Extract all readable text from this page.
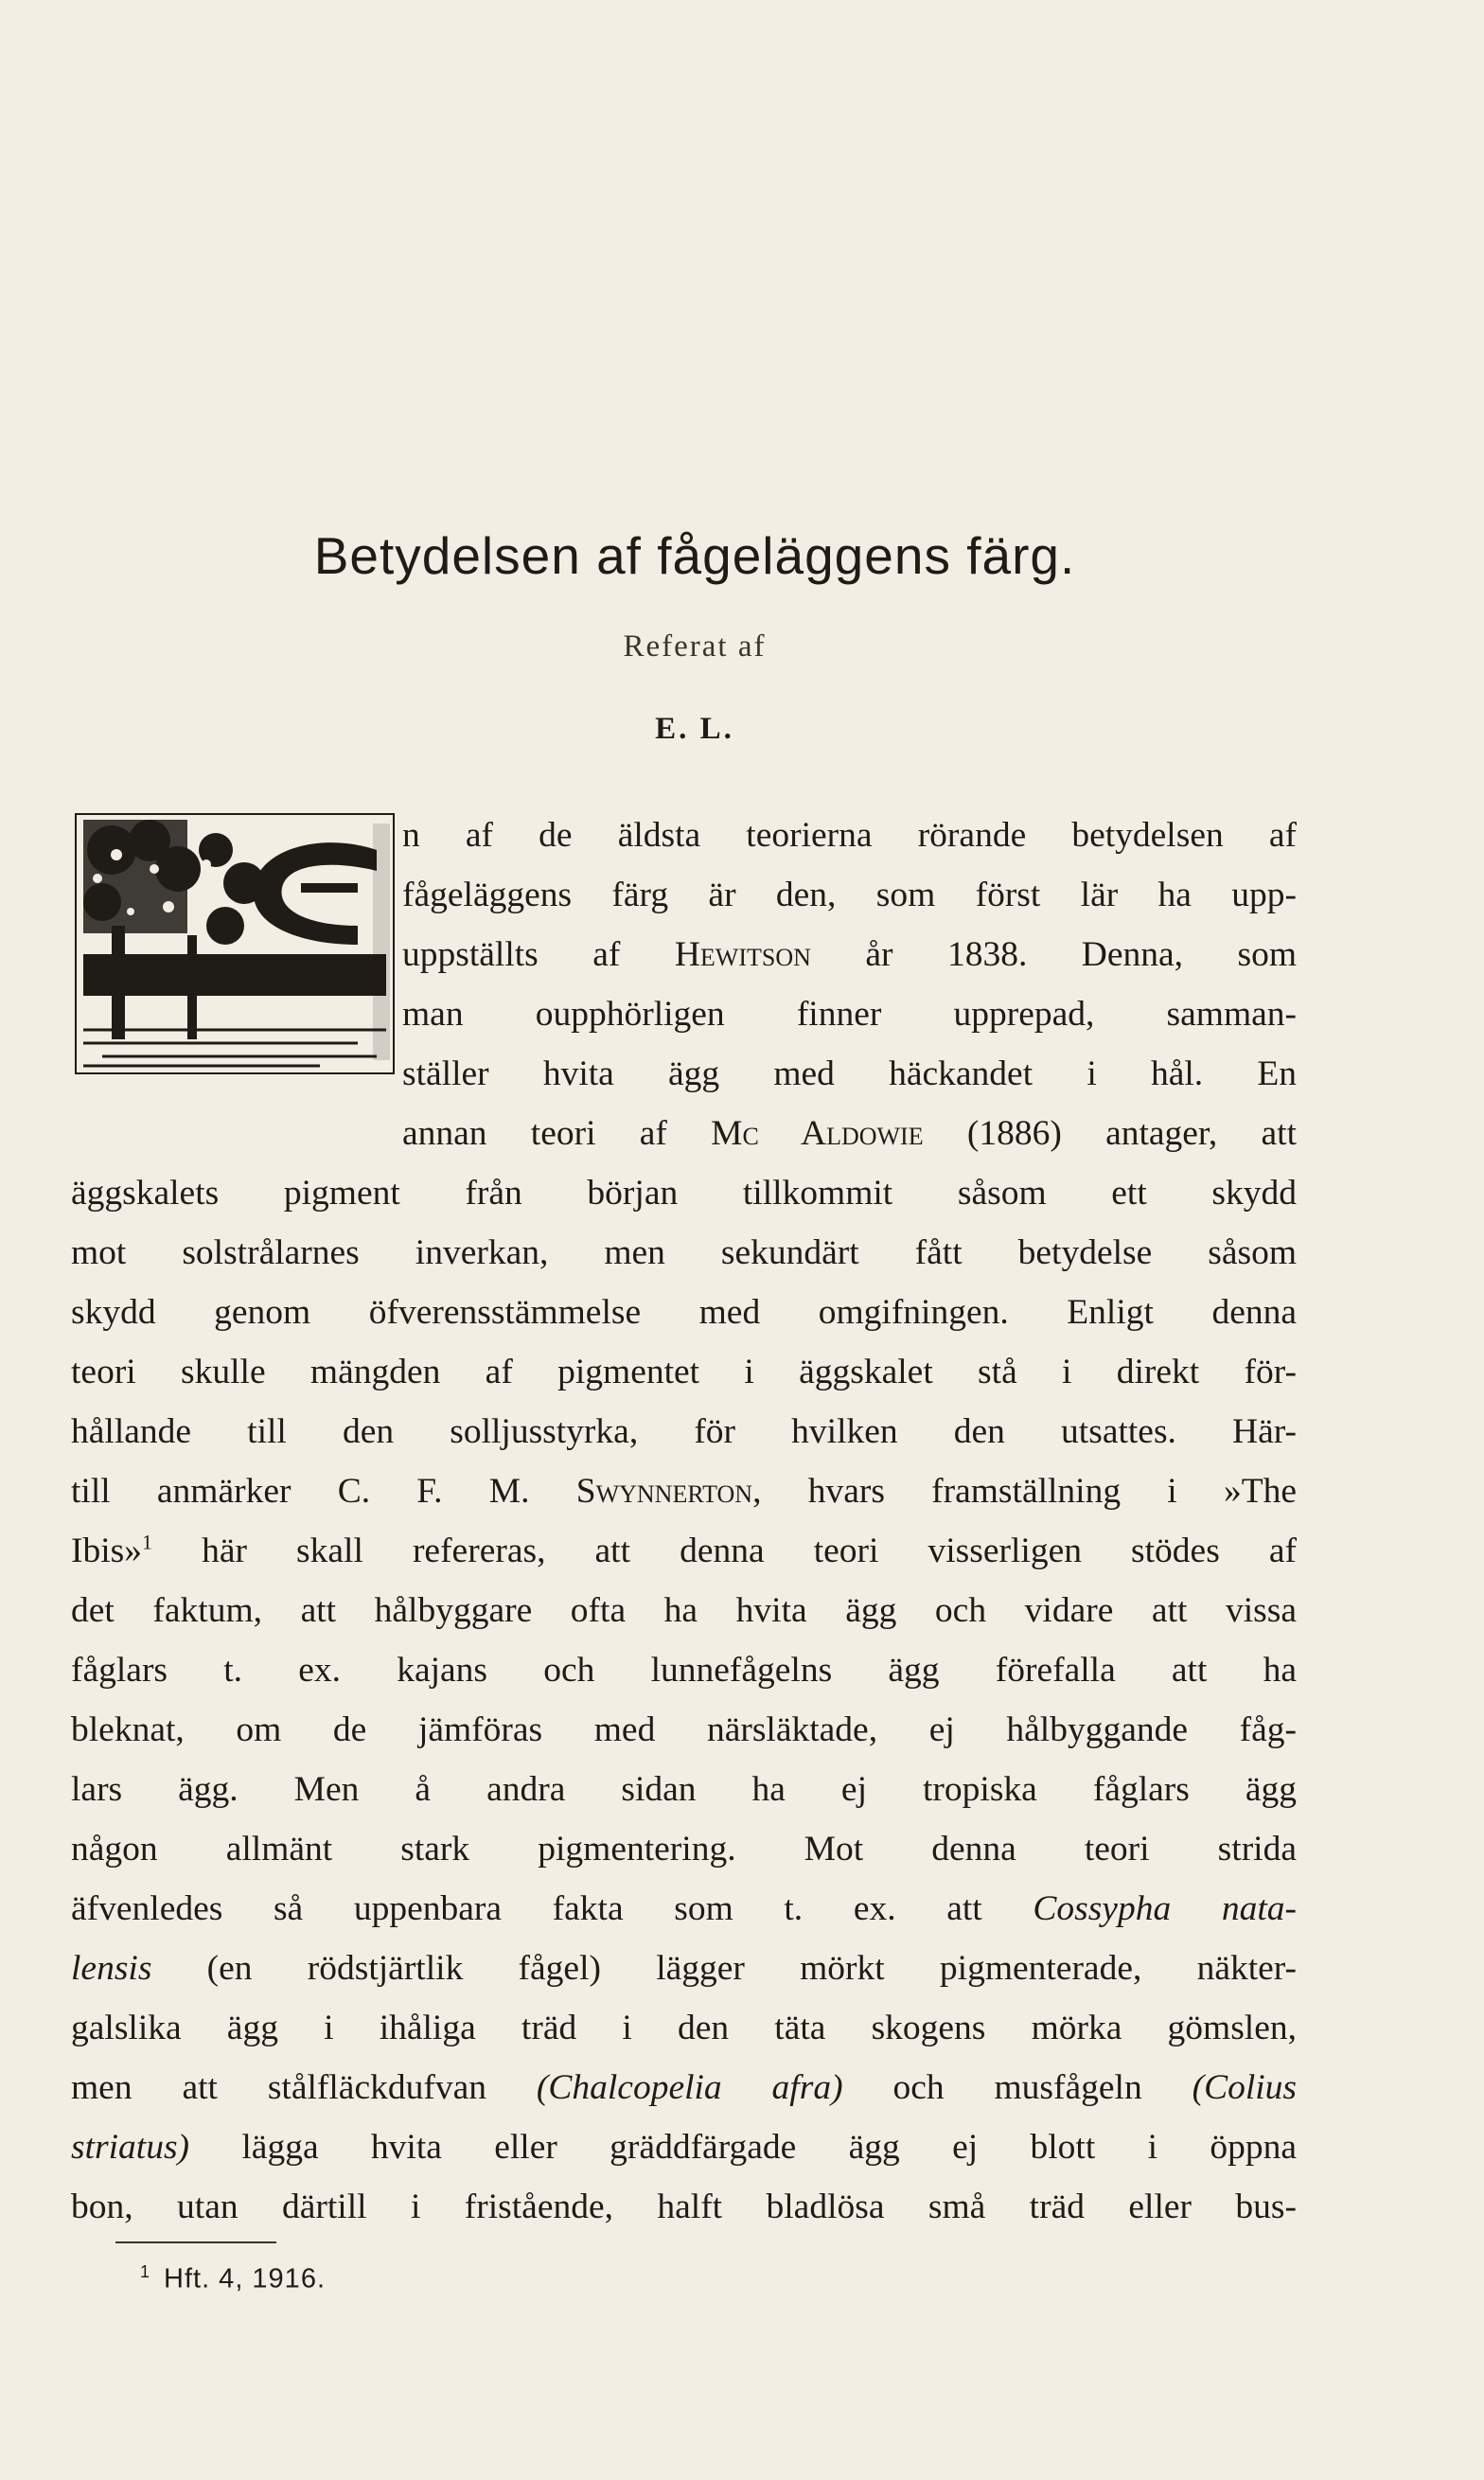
Betydelsen af fågeläggens färg.
Referat af
E. L.
n af de äldsta teorierna rörande betydelsen af
fågeläggens färg är den, som först lär ha upp-
uppställts af Hewitson år 1838. Denna, som
man oupphörligen finner upprepad, samman-
ställer hvita ägg med häckandet i hål. En
annan teori af Mc Aldowie (1886) antager, att
äggskalets pigment från början tillkommit såsom ett skydd
mot solstrålarnes inverkan, men sekundärt fått betydelse såsom
skydd genom öfverensstämmelse med omgifningen. Enligt denna
teori skulle mängden af pigmentet i äggskalet stå i direkt för-
hållande till den solljusstyrka, för hvilken den utsattes. Här-
till anmärker C. F. M. Swynnerton, hvars framställning i »The
Ibis»$^1$ här skall refereras, att denna teori visserligen stödes af
det faktum, att hålbyggare ofta ha hvita ägg och vidare att vissa
fåglars t. ex. kajans och lunnefågelns ägg förefalla att ha
bleknat, om de jämföras med närsläktade, ej hålbyggande fåg-
lars ägg. Men å andra sidan ha ej tropiska fåglars ägg
någon allmänt stark pigmentering. Mot denna teori strida
äfvenledes så uppenbara fakta som t. ex. att Cossypha nata-
lensis (en rödstjärtlik fågel) lägger mörkt pigmenterade, näkter-
galslika ägg i ihåliga träd i den täta skogens mörka gömslen,
men att stålfläckdufvan (Chalcopelia afra) och musfågeln (Colius
striatus) lägga hvita eller gräddfärgade ägg ej blott i öppna
bon, utan därtill i fristående, halft bladlösa små träd eller bus-
$^1$ Hft. 4, 1916.
